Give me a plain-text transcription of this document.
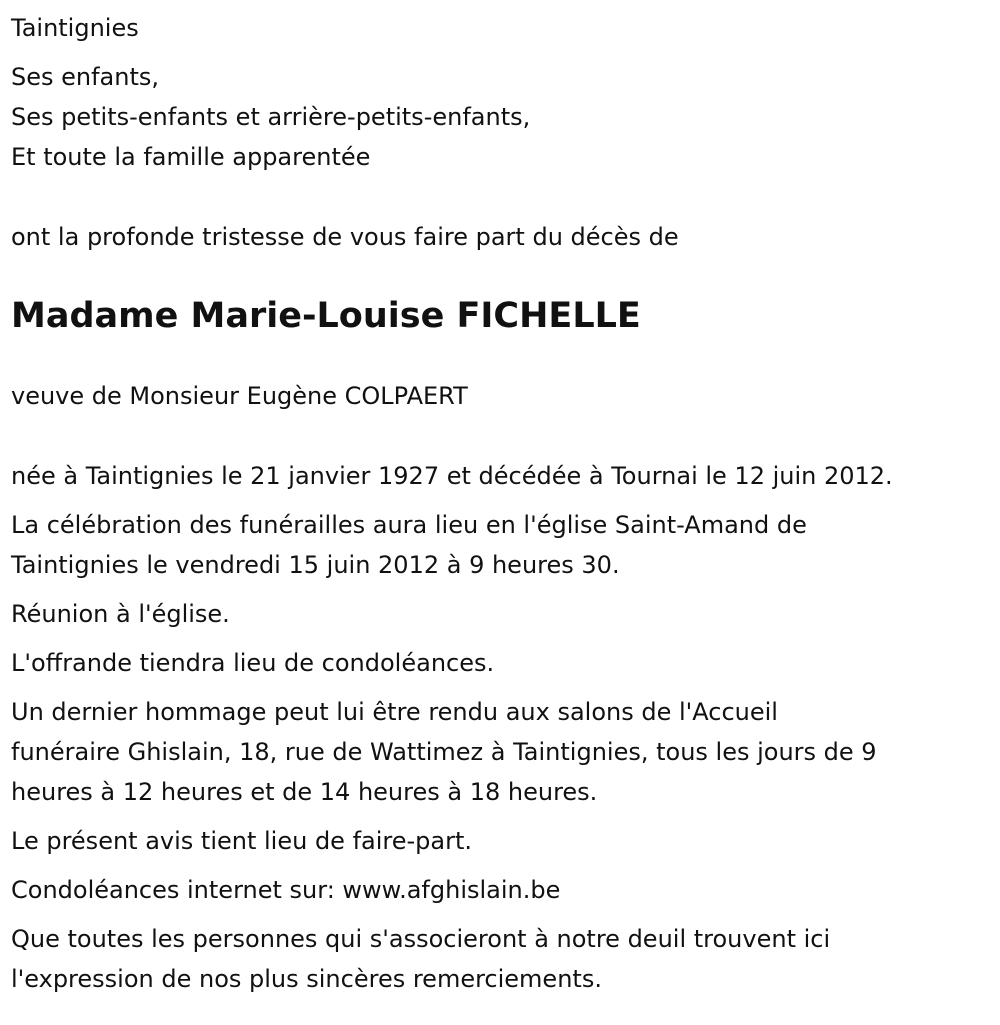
Taintignies

Ses enfants,
Ses petits-enfants et arrière-petits-enfants,
Et toute la famille apparentée

ont la profonde tristesse de vous faire part du décès de

Madame Marie-Louise FICHELLE

veuve de Monsieur Eugène COLPAERT

née à Taintignies le 21 janvier 1927 et décédée à Tournai le 12 juin 2012.

La célébration des funérailles aura lieu en l'église Saint-Amand de
Taintignies le vendredi 15 juin 2012 à 9 heures 30.

Réunion à l'église.

L'offrande tiendra lieu de condoléances.

Un dernier hommage peut lui être rendu aux salons de l'Accueil
funéraire Ghislain, 18, rue de Wattimez à Taintignies, tous les jours de 9
heures à 12 heures et de 14 heures à 18 heures.

Le présent avis tient lieu de faire-part.

Condoléances internet sur: www.afghislain.be

Que toutes les personnes qui s'associeront à notre deuil trouvent ici
l'expression de nos plus sincères remerciements.
